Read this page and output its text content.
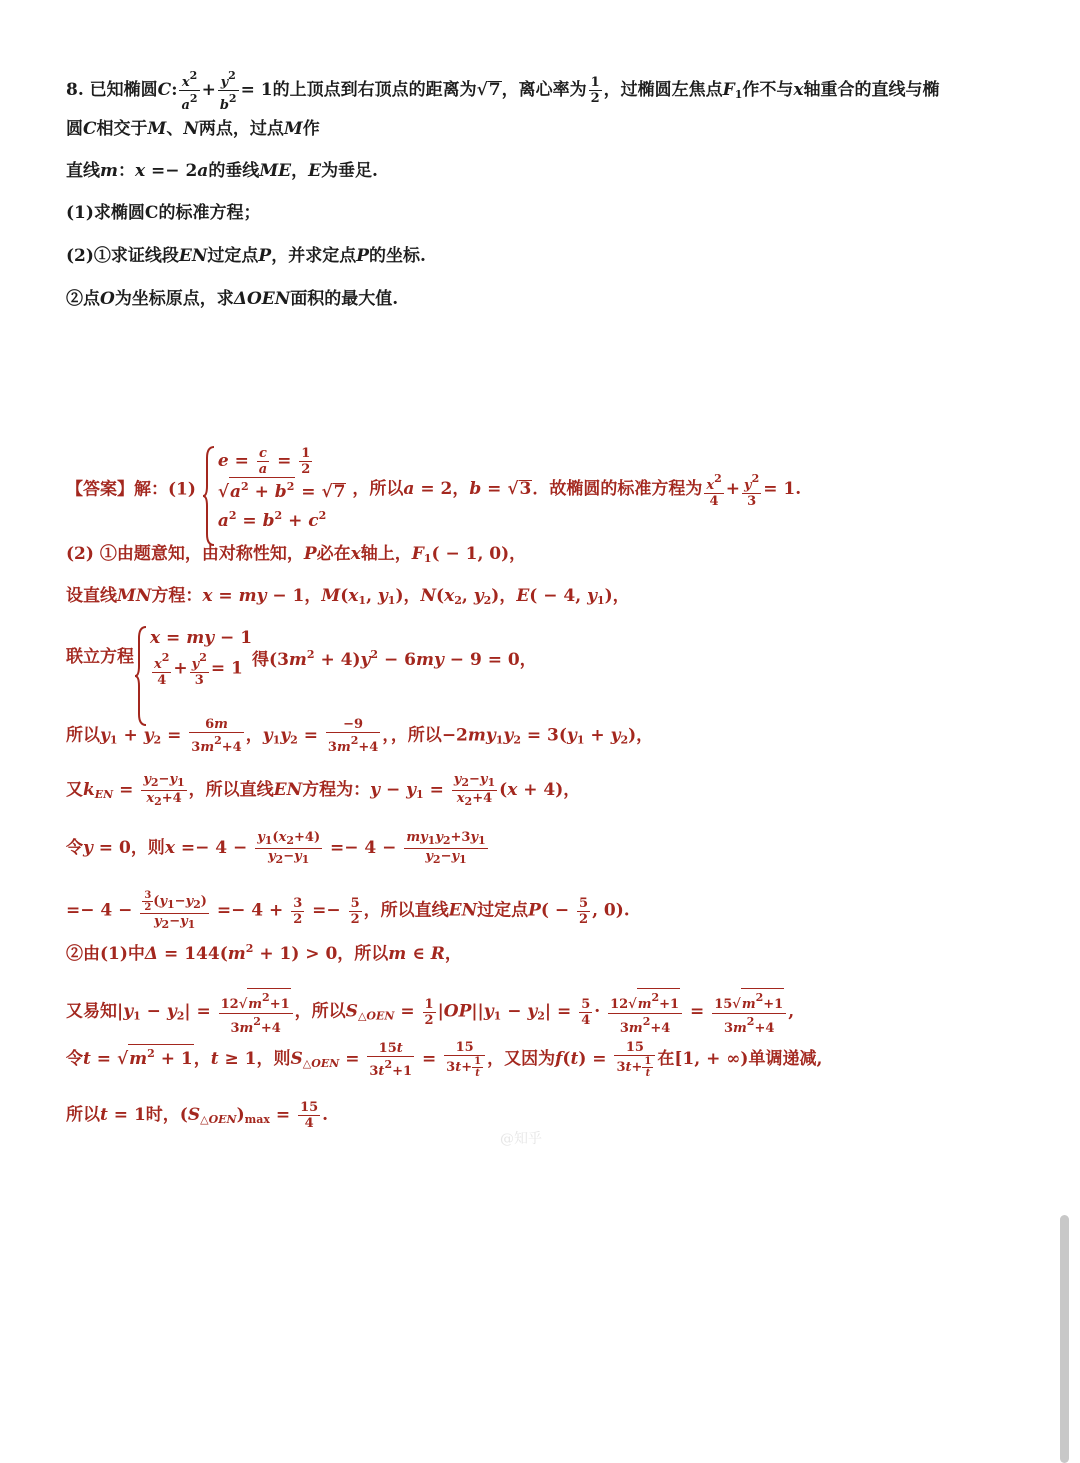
8. 已知椭圆C: $\frac{x^2}{a^2} + \frac{y^2}{b^2} = 1$的上顶点到右顶点的距离为√7，离心率为 $\frac{1}{2}$ ，过椭圆左焦点$F_1$作不与x轴重合的直线与椭
圆C相交于M、N两点，过点M作
直线m：x =− 2a的垂线ME，E为垂足.
(1)求椭圆C的标准方程；
(2)①求证线段EN过定点P，并求定点P的坐标.
②点O为坐标原点，求ΔOEN面积的最大值.
【答案】解：(1)
$e = \frac{c}{a} = \frac{1}{2}$
$√a^2 + b^2 = √7$
$a^2 = b^2 + c^2$
，所以a = 2，b = √3．故椭圆的标准方程为 $\frac{x^2}{4} + \frac{y^2}{3} = 1$.
(2) ①由题意知，由对称性知，P必在x轴上，$F_1( - 1$, 0)，
设直线MN方程：x = my − 1，$M(x_1$, $y_1$)，$N(x_2$, $y_2$)，E( − 4, $y_1$)，
联立方程
x = my − 1
$\frac{x^2}{4} + \frac{y^2}{3} = 1$ 得$(3m^2 + 4)y^2 - 6my - 9 = 0$，
所以$y_1 + y_2 = \frac{6m}{3m^2+4}$ ，$y_1y_2 = \frac{-9}{3m^2+4}$ ，，所以$-2my_1y_2 = 3(y_1 + y_2)$，
又$k_{EN} = \frac{y_2-y_1}{x_2+4}$ ，所以直线EN方程为：$y - y_1 = \frac{y_2-y_1}{x_2+4} (x + 4)$，
令y = 0，则$x =- 4 - \frac{y_1(x_2+4)}{y_2-y_1} =- 4 - \frac{my_1y_2+3y_1}{y_2-y_1}$
=− $4 - \frac{\frac{3}{2} (y_1-y_2)}{y_2-y_1} =- 4 + \frac{3}{2} =- \frac{5}{2}$ ，所以直线EN过定点$P( - \frac{5}{2}$ , 0).
②由(1)中$\Delta = 144(m^2 + 1) > 0$，所以m ∈ R，
又易知$|y_1 - y_2| = \frac{12√m^2+1}{3m^2+4}$ ，所以$S_{\triangle OEN} = \frac{1}{2} |OP||y_1 - y_2| = \frac{5}{4} \cdot \frac{12√m^2+1}{3m^2+4} = \frac{15√m^2+1}{3m^2+4}$ ,
令$t = √m^2 + 1$，t ≥ 1，则$S_{\triangle OEN} = \frac{15t}{3t^2+1} = \frac{15}{3t+ \frac{1}{t}}$ ，又因为$f(t) = \frac{15}{3t+ \frac{1}{t}}$ 在[1, + ∞)单调递减,
所以t = 1时，$(S_{\triangle OEN})_{max} = \frac{15}{4}$ .
@知乎
